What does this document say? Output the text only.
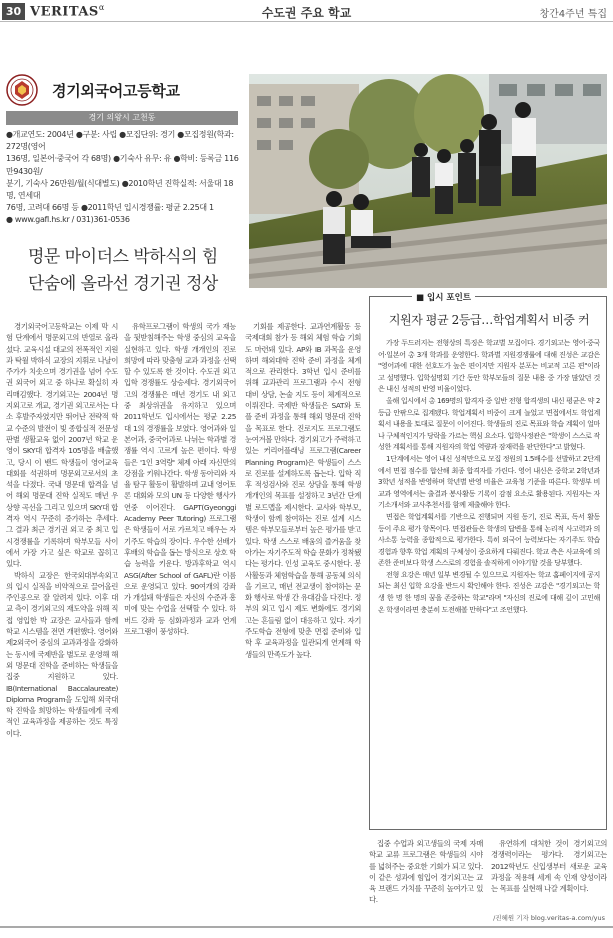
30 $VERITAS^\alpha$	수도권 주요 학교	창간4주년 특집
경기외국어고등학교
경기 의왕시 고천동
●개교연도: 2004년 ●구분: 사립 ●모집단위: 경기 ●모집정원(학과: 272명(영어
136명, 일본어·중국어 각 68명) ●기숙사 유무: 유 ●학비: 등록금 116만9430원/
분기, 기숙사 26만원/월(식대별도) ●2010학년 진학실적: 서울대 18명, 연세대
76명, 고려대 66명 등 ●2011학년 입시경쟁률: 평균 2.25대 1
● www.gafl.hs.kr / 031)361-0536
명문 마이더스 박하식의 힘
단숨에 올라선 경기권 정상

경기외국어고등학교는 이제 막 시험 단계에서 명문외고의 반열로 올라섰다. 교육시설 대교의 전폭적인 지원과 탁월 박하식 교장의 지휘로 나날이 주가가 치솟으며 경기권을 넘어 수도권 외국어 외고 중 하나로 확실히 자리매김했다. 경기외고는 2004년 명지외고로 개교, 경기권 외고로서는 다소 후발주자였지만 뛰어난 전략적 학교 수준의 발전이 빛 종합실적 전문성 판별 생활교육 없이 2007년 학교 운영이 SKY대 합격자 105명을 배출했고, 당시 이 밴드 학생들이 영어교육 대회를 석권하며 명문외고로서의 초석을 다졌다. 국내 명문대 합격을 넘어 해외 명문대 진학 실적도 매년 우상향 곡선을 그리고 있으며 SKY대 합격자 역시 꾸준히 증가하는 추세다. 그 결과 최근 경기권 외고 중 최고 입시경쟁률을 기록하며 학부모들 사이에서 가장 가고 싶은 학교로 꼽히고 있다.

박하식 교장은 한국외대부속외고의 입시 실적을 비약적으로 끌어올린 주인공으로 잘 알려져 있다. 이후 대교 측이 경기외고의 재도약을 위해 직접 영입한 박 교장은 교사들과 함께 학교 시스템을 전면 개편했다. 영어와 제2외국어 중심의 교과과정을 강화하는 동시에 국제반을 별도로 운영해 해외 명문대 진학을 준비하는 학생들을 집중 지원하고 있다. IB(International Baccalaureate) Diploma Program을 도입해 외국대학 진학을 희망하는 학생들에게 국제적인 교육과정을 제공하는 것도 특징이다.

유학프로그램이 학생의 국가 재능을 뒷받침해주는 학생 중심의 교육을 실현하고 있다. 학생 개개인의 진로 희망에 따라 맞춤형 교과 과정을 선택할 수 있도록 한 것이다. 수도권 외고 입학 경쟁률도 상승세다. 경기외국어고의 경쟁률은 매년 경기도 내 외고 중 최상위권을 유지하고 있으며 2011학년도 입시에서는 평균 2.25대 1의 경쟁률을 보였다. 영어과와 일본어과, 중국어과로 나뉘는 학과별 경쟁률 역시 고르게 높은 편이다. 학생들은 '1인 3역량' 체제 아래 자신만의 강점을 키워나간다. 학생 동아리와 자율 탐구 활동이 활발하며 교내 영어토론 대회와 모의 UN 등 다양한 행사가 연중 이어진다. GAPT(Gyeonggi Academy Peer Tutoring) 프로그램은 학생들이 서로 가르치고 배우는 자기주도 학습의 장이다. 우수한 선배가 후배의 학습을 돕는 방식으로 상호 학습 능력을 키운다. 방과후학교 역시 ASG(After School of GAFL)란 이름으로 운영되고 있다. 90여개의 강좌가 개설돼 학생들은 자신의 수준과 흥미에 맞는 수업을 선택할 수 있다. 하버드 강좌 등 심화과정과 교과 연계 프로그램이 풍성하다.

기회를 제공한다. 교과연계활동 등 국제대회 참가 등 해외 체험 학습 기회도 마련돼 있다. AP와 IB 과목을 운영하며 해외대학 진학 준비 과정을 체계적으로 관리한다. 3학년 입시 준비를 위해 교과관리 프로그램과 수시 전형 대비 상담, 논술 지도 등이 체계적으로 이뤄진다. 국제반 학생들은 SAT와 토플 준비 과정을 통해 해외 명문대 진학을 목표로 한다. 진로지도 프로그램도 눈여겨볼 만하다. 경기외고가 주력하고 있는 커리어플래닝 프로그램(Career Planning Program)은 학생들이 스스로 진로를 설계하도록 돕는다. 입학 직후 적성검사와 진로 상담을 통해 학생 개개인의 목표를 설정하고 3년간 단계별 로드맵을 제시한다. 교사와 학부모, 학생이 함께 참여하는 진로 설계 시스템은 학부모들로부터 높은 평가를 받고 있다. 학생 스스로 배움의 즐거움을 찾아가는 자기주도적 학습 문화가 정착됐다는 평가다. 인성 교육도 중시한다. 봉사활동과 체험학습을 통해 공동체 의식을 기르고, 매년 전교생이 참여하는 문화 행사로 학생 간 유대감을 다진다. 정부의 외고 입시 제도 변화에도 경기외고는 흔들림 없이 대응하고 있다. 자기주도학습 전형에 맞춘 면접 준비와 입학 후 교육과정을 일관되게 연계해 학생들의 만족도가 높다.

■ 입시 포인트
지원자 평균 2등급…학업계획서 비중 커

가장 두드러지는 전형상의 특징은 학교별 모집이다. 경기외고는 영어·중국어·일본어 총 3개 학과를 운영한다. 학과별 지원경쟁률에 대해 진성은 교감은 "영어과에 대한 선호도가 높은 편이지만 지원자 분포는 비교적 고른 편"이라고 설명했다. 입학설명회 기간 동안 학부모들의 질문 내용 중 가장 많았던 것은 내신 성적의 반영 비율이었다.

올해 입시에서 총 169명의 합격자 중 일반 전형 합격생의 내신 평균은 약 2등급 안팎으로 집계됐다. 학업계획서 비중이 크게 늘었고 면접에서도 학업계획서 내용을 토대로 질문이 이어진다. 학생들의 진로 목표와 학습 계획이 얼마나 구체적인지가 당락을 가르는 핵심 요소다. 입학사정관은 "학생이 스스로 작성한 계획서를 통해 지원자의 학업 역량과 잠재력을 판단한다"고 밝혔다.

1단계에서는 영어 내신 성적만으로 모집 정원의 1.5배수를 선발하고 2단계에서 면접 점수를 합산해 최종 합격자를 가린다. 영어 내신은 중학교 2학년과 3학년 성적을 반영하며 학년별 반영 비율은 교육청 기준을 따른다. 학생부 비교과 영역에서는 출결과 봉사활동 기록이 감점 요소로 활용된다. 지원자는 자기소개서와 교사추천서를 함께 제출해야 한다.

면접은 학업계획서를 기반으로 진행되며 지원 동기, 진로 목표, 독서 활동 등이 주요 평가 항목이다. 면접관들은 학생의 답변을 통해 논리적 사고력과 의사소통 능력을 종합적으로 평가한다. 특히 외국어 능력보다는 자기주도 학습 경험과 향후 학업 계획의 구체성이 중요하게 다뤄진다. 학교 측은 사교육에 의존한 준비보다 학생 스스로의 경험을 솔직하게 이야기할 것을 당부했다.

전형 요강은 매년 일부 변경될 수 있으므로 지원자는 학교 홈페이지에 공지되는 최신 입학 요강을 반드시 확인해야 한다. 진성은 교감은 "경기외고는 학생 한 명 한 명의 꿈을 존중하는 학교"라며 "자신의 진로에 대해 깊이 고민해 온 학생이라면 충분히 도전해볼 만하다"고 조언했다.

집중 수업과 외고생들의 국제 자매학교 교류 프로그램은 학생들의 시야를 넓혀주는 중요한 기회가 되고 있다. 이 같은 성과에 힘입어 경기외고는 교육 브랜드 가치를 꾸준히 높여가고 있다.

유연하게 대처한 것이 경기외고의 경쟁력이라는 평가다. 경기외고는 2012학년도 신입생부터 새로운 교육과정을 적용해 세계 속 인재 양성이라는 목표를 실현해 나갈 계획이다.

/진혜원 기자 blog.veritas-a.com/yus
